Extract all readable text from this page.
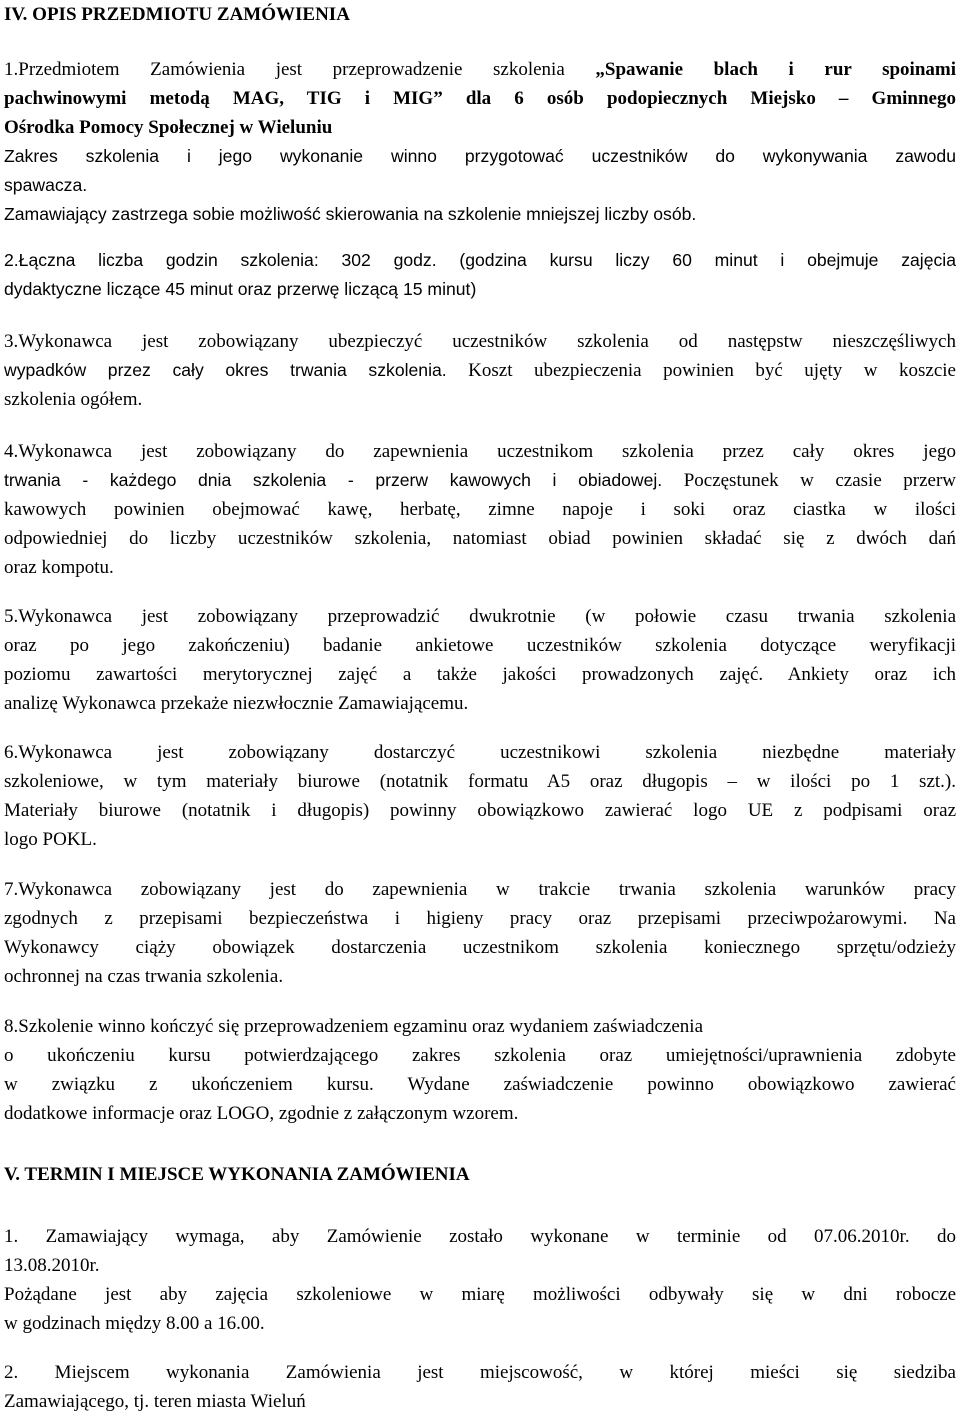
IV. OPIS PRZEDMIOTU ZAMÓWIENIA
1.Przedmiotem Zamówienia jest przeprowadzenie szkolenia „Spawanie blach i rur spoinami
pachwinowymi metodą MAG, TIG i MIG” dla 6 osób podopiecznych Miejsko – Gminnego
Ośrodka Pomocy Społecznej w Wieluniu
Zakres szkolenia i jego wykonanie winno przygotować uczestników do wykonywania zawodu
spawacza.
Zamawiający zastrzega sobie możliwość skierowania na szkolenie mniejszej liczby osób.
2.Łączna liczba godzin szkolenia: 302 godz. (godzina kursu liczy 60 minut i obejmuje zajęcia
dydaktyczne liczące 45 minut oraz przerwę liczącą 15 minut)
3.Wykonawca jest zobowiązany ubezpieczyć uczestników szkolenia od następstw nieszczęśliwych
wypadków przez cały okres trwania szkolenia. Koszt ubezpieczenia powinien być ujęty w koszcie
szkolenia ogółem.
4.Wykonawca jest zobowiązany do zapewnienia uczestnikom szkolenia przez cały okres jego
trwania - każdego dnia szkolenia - przerw kawowych i obiadowej. Poczęstunek w czasie przerw
kawowych powinien obejmować kawę, herbatę, zimne napoje i soki oraz ciastka w ilości
odpowiedniej do liczby uczestników szkolenia, natomiast obiad powinien składać się z dwóch dań
oraz kompotu.
5.Wykonawca jest zobowiązany przeprowadzić dwukrotnie (w połowie czasu trwania szkolenia
oraz po jego zakończeniu) badanie ankietowe uczestników szkolenia dotyczące weryfikacji
poziomu zawartości merytorycznej zajęć a także jakości prowadzonych zajęć. Ankiety oraz ich
analizę Wykonawca przekaże niezwłocznie Zamawiającemu.
6.Wykonawca jest zobowiązany dostarczyć uczestnikowi szkolenia niezbędne materiały
szkoleniowe, w tym materiały biurowe (notatnik formatu A5 oraz długopis – w ilości po 1 szt.).
Materiały biurowe (notatnik i długopis) powinny obowiązkowo zawierać logo UE z podpisami oraz
logo POKL.
7.Wykonawca zobowiązany jest do zapewnienia w trakcie trwania szkolenia warunków pracy
zgodnych z przepisami bezpieczeństwa i higieny pracy oraz przepisami przeciwpożarowymi. Na
Wykonawcy ciąży obowiązek dostarczenia uczestnikom szkolenia koniecznego sprzętu/odzieży
ochronnej na czas trwania szkolenia.
8.Szkolenie winno kończyć się przeprowadzeniem egzaminu oraz wydaniem zaświadczenia
o ukończeniu kursu potwierdzającego zakres szkolenia oraz umiejętności/uprawnienia zdobyte
w związku z ukończeniem kursu. Wydane zaświadczenie powinno obowiązkowo zawierać
dodatkowe informacje oraz LOGO, zgodnie z załączonym wzorem.
V. TERMIN I MIEJSCE WYKONANIA ZAMÓWIENIA
1. Zamawiający wymaga, aby Zamówienie zostało wykonane w terminie od 07.06.2010r. do
13.08.2010r.
Pożądane jest aby zajęcia szkoleniowe w miarę możliwości odbywały się w dni robocze
w godzinach między 8.00 a 16.00.
2. Miejscem wykonania Zamówienia jest miejscowość, w której mieści się siedziba
Zamawiającego, tj. teren miasta Wieluń
